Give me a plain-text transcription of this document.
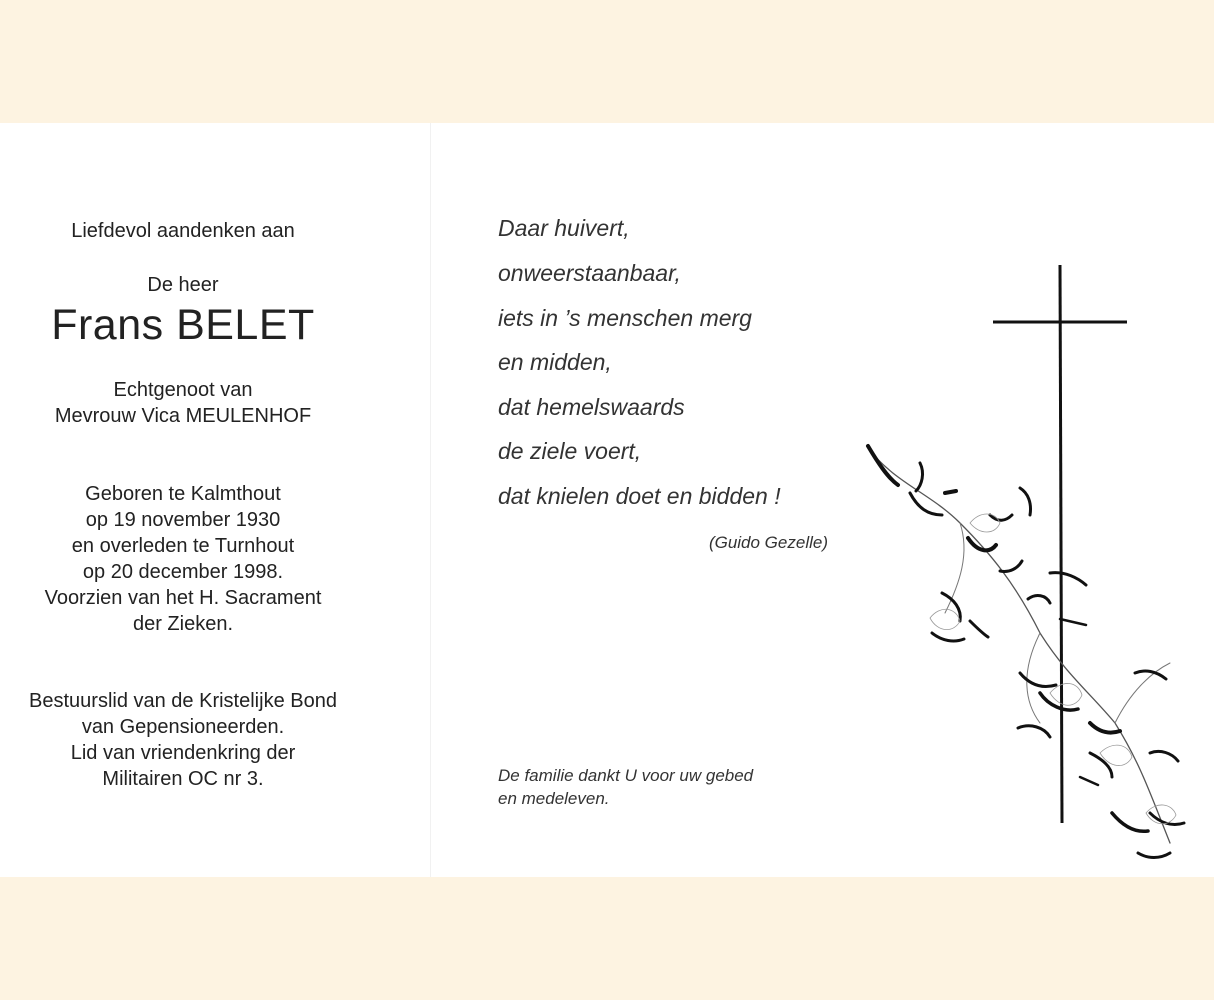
Liefdevol aandenken aan
De heer
Frans BELET
Echtgenoot van
Mevrouw Vica MEULENHOF
Geboren te Kalmthout
op 19 november 1930
en overleden te Turnhout
op 20 december 1998.
Voorzien van het H. Sacrament
der Zieken.
Bestuurslid van de Kristelijke Bond
van Gepensioneerden.
Lid van vriendenkring der
Militairen OC nr 3.
Daar huivert,
onweerstaanbaar,
iets in ’s menschen merg
en midden,
dat hemelswaards
de ziele voert,
dat knielen doet en bidden !
(Guido Gezelle)
De familie dankt U voor uw gebed
en medeleven.
